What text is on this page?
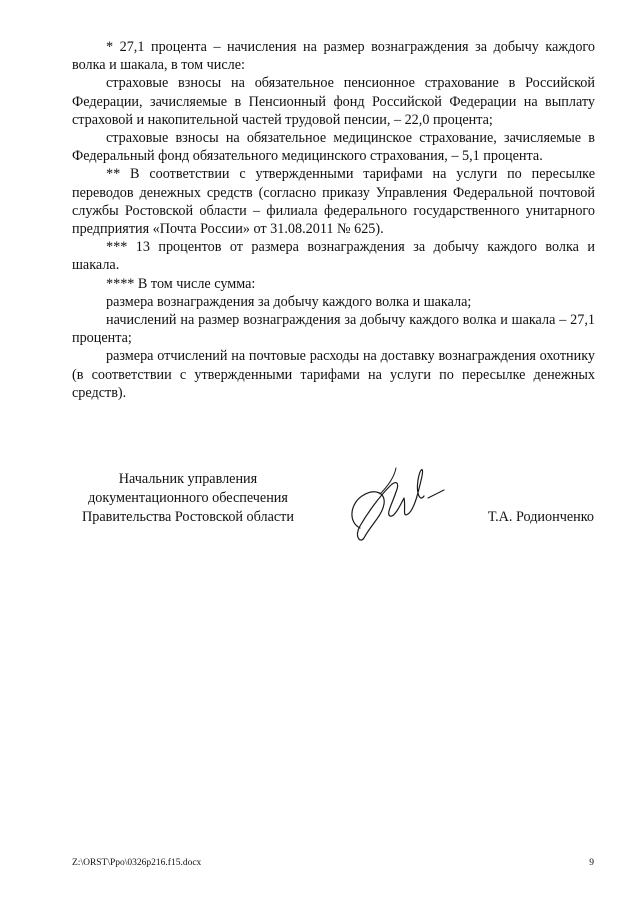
* 27,1 процента – начисления на размер вознаграждения за добычу каждого волка и шакала, в том числе:

страховые взносы на обязательное пенсионное страхование в Российской Федерации, зачисляемые в Пенсионный фонд Российской Федерации на выплату страховой и накопительной частей трудовой пенсии, – 22,0 процента;

страховые взносы на обязательное медицинское страхование, зачисляемые в Федеральный фонд обязательного медицинского страхования, – 5,1 процента.

** В соответствии с утвержденными тарифами на услуги по пересылке переводов денежных средств (согласно приказу Управления Федеральной почтовой службы Ростовской области – филиала федерального государственного унитарного предприятия «Почта России» от 31.08.2011 № 625).

*** 13 процентов от размера вознаграждения за добычу каждого волка и шакала.

**** В том числе сумма:

размера вознаграждения за добычу каждого волка и шакала;

начислений на размер вознаграждения за добычу каждого волка и шакала – 27,1 процента;

размера отчислений на почтовые расходы на доставку вознаграждения охотнику (в соответствии с утвержденными тарифами на услуги по пересылке денежных средств).

Начальник управления
документационного обеспечения
Правительства Ростовской области	Т.А. Родионченко
Z:\ORST\Ppo\0326p216.f15.docx	9
